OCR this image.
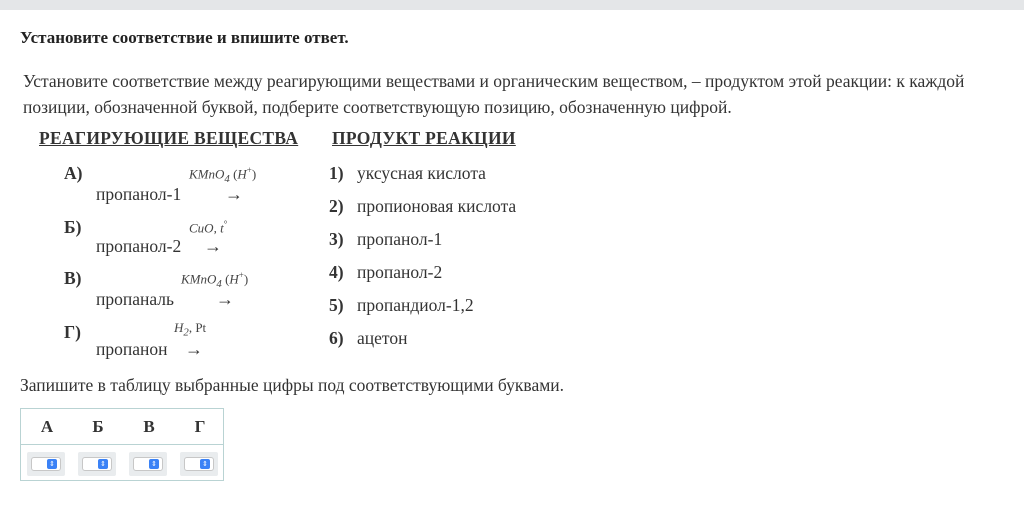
Установите соответствие и впишите ответ.
Установите соответствие между реагирующими веществами и органическим веществом, – продуктом этой реакции: к каждой позиции, обозначенной буквой, подберите соответствующую позицию, обозначенную цифрой.
РЕАГИРУЮЩИЕ ВЕЩЕСТВА ПРОДУКТ РЕАКЦИИ
А)	KMnO$_4$ (H+)
пропанол-1 →
Б)	CuO, t°
пропанол-2 →
В)	KMnO$_4$ (H+)
пропаналь →
Г)	$H_2$, Pt
пропанон →
1) уксусная кислота
2) пропионовая кислота
3) пропанол-1
4) пропанол-2
5) пропандиол-1,2
6) ацетон
Запишите в таблицу выбранные цифры под соответствующими буквами.
А	Б	В	Г
⇕	⇕	⇕	⇕
